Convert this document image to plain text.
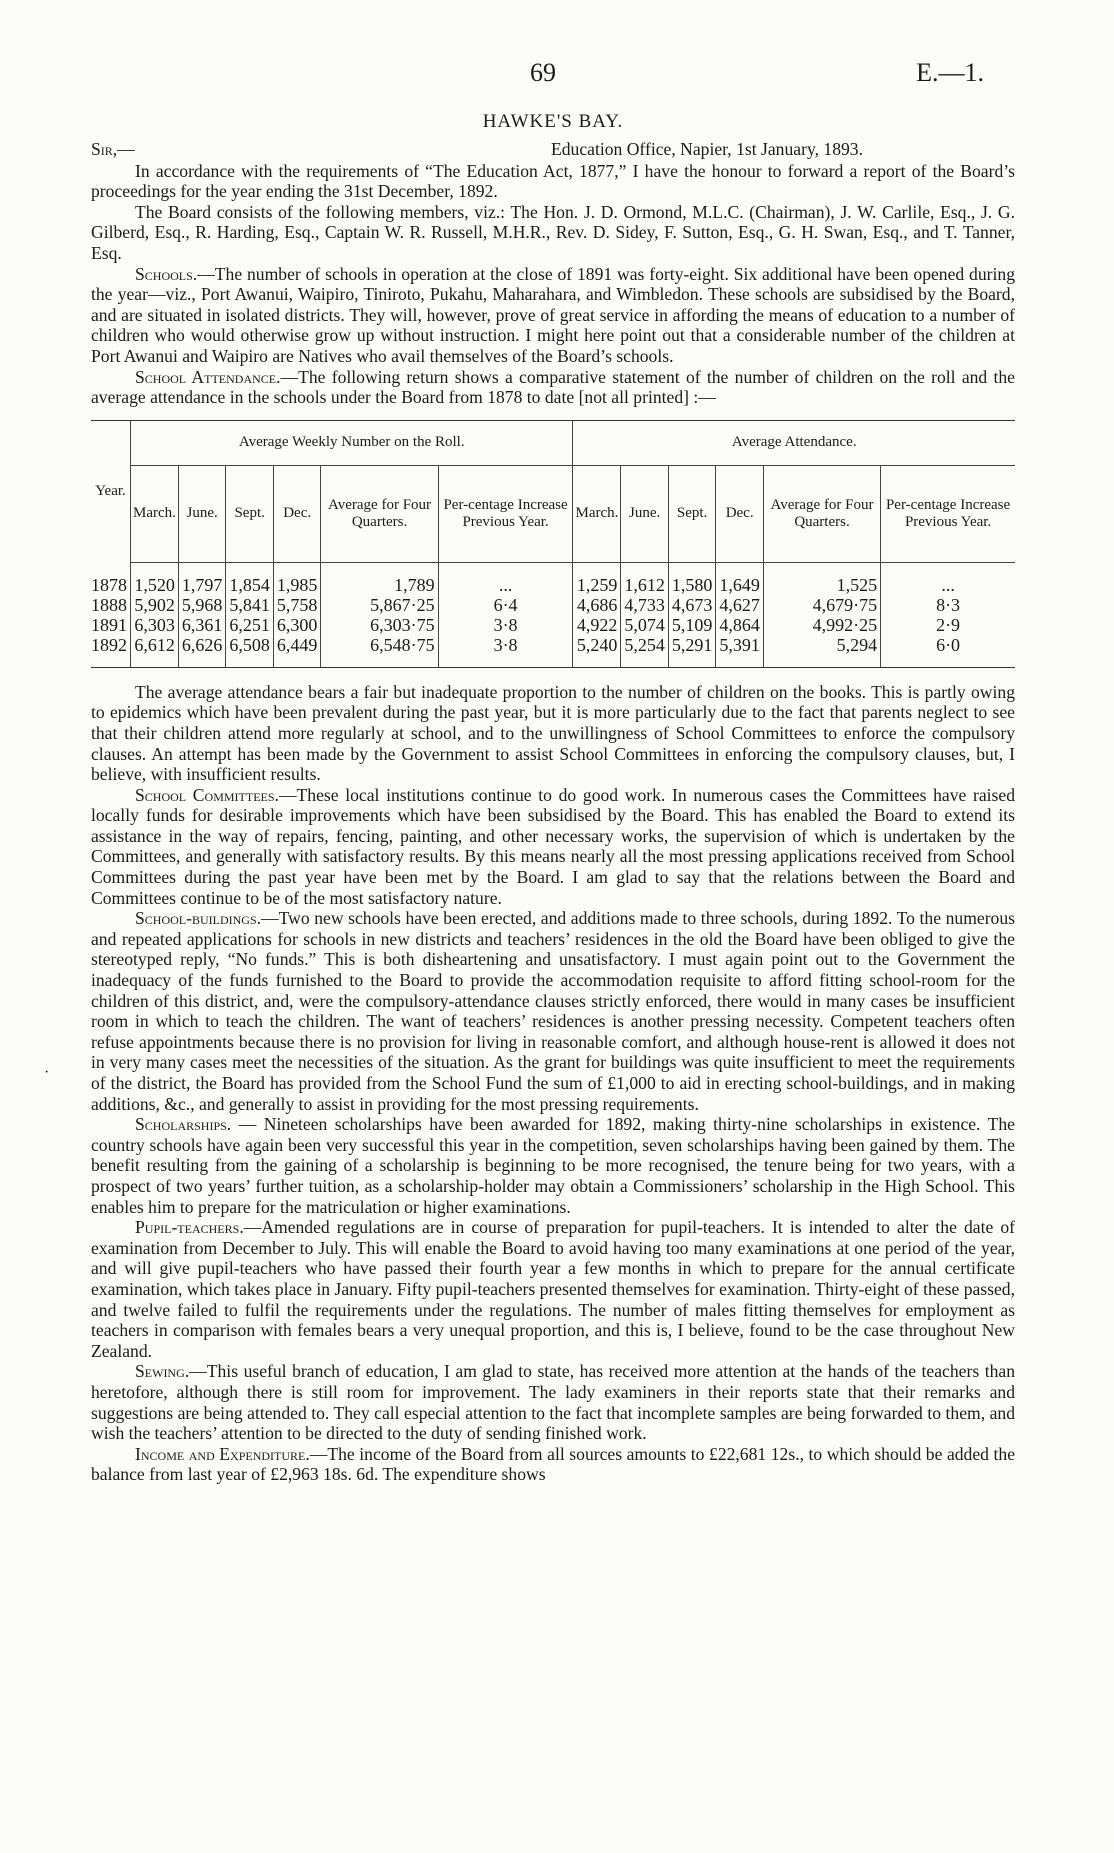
69	E.—1.
·
HAWKE'S BAY.
Sir,—	Education Office, Napier, 1st January, 1893.

In accordance with the requirements of “The Education Act, 1877,” I have the honour to forward a report of the Board’s proceedings for the year ending the 31st December, 1892.

The Board consists of the following members, viz.: The Hon. J. D. Ormond, M.L.C. (Chairman), J. W. Carlile, Esq., J. G. Gilberd, Esq., R. Harding, Esq., Captain W. R. Russell, M.H.R., Rev. D. Sidey, F. Sutton, Esq., G. H. Swan, Esq., and T. Tanner, Esq.

Schools.—The number of schools in operation at the close of 1891 was forty-eight. Six additional have been opened during the year—viz., Port Awanui, Waipiro, Tiniroto, Pukahu, Maharahara, and Wimbledon. These schools are subsidised by the Board, and are situated in isolated districts. They will, however, prove of great service in affording the means of education to a number of children who would otherwise grow up without instruction. I might here point out that a considerable number of the children at Port Awanui and Waipiro are Natives who avail themselves of the Board’s schools.

School Attendance.—The following return shows a comparative statement of the number of children on the roll and the average attendance in the schools under the Board from 1878 to date [not all printed] :—

Year.	Average Weekly Number on the Roll.						Average Attendance.					
	March.	June.	Sept.	Dec.	Average for Four Quarters.	Per-centage Increase Previous Year.	March.	June.	Sept.	Dec.	Average for Four Quarters.	Per-centage Increase Previous Year.

1878	1,520	1,797	1,854	1,985	1,789	...	1,259	1,612	1,580	1,649	1,525	...
1888	5,902	5,968	5,841	5,758	5,867·25	6·4	4,686	4,733	4,673	4,627	4,679·75	8·3
1891	6,303	6,361	6,251	6,300	6,303·75	3·8	4,922	5,074	5,109	4,864	4,992·25	2·9
1892	6,612	6,626	6,508	6,449	6,548·75	3·8	5,240	5,254	5,291	5,391	5,294	6·0

The average attendance bears a fair but inadequate proportion to the number of children on the books. This is partly owing to epidemics which have been prevalent during the past year, but it is more particularly due to the fact that parents neglect to see that their children attend more regularly at school, and to the unwillingness of School Committees to enforce the compulsory clauses. An attempt has been made by the Government to assist School Committees in enforcing the compulsory clauses, but, I believe, with insufficient results.

School Committees.—These local institutions continue to do good work. In numerous cases the Committees have raised locally funds for desirable improvements which have been subsidised by the Board. This has enabled the Board to extend its assistance in the way of repairs, fencing, painting, and other necessary works, the supervision of which is undertaken by the Committees, and generally with satisfactory results. By this means nearly all the most pressing applications received from School Committees during the past year have been met by the Board. I am glad to say that the relations between the Board and Committees continue to be of the most satisfactory nature.

School-buildings.—Two new schools have been erected, and additions made to three schools, during 1892. To the numerous and repeated applications for schools in new districts and teachers’ residences in the old the Board have been obliged to give the stereotyped reply, “No funds.” This is both disheartening and unsatisfactory. I must again point out to the Government the inadequacy of the funds furnished to the Board to provide the accommodation requisite to afford fitting school-room for the children of this district, and, were the compulsory-attendance clauses strictly enforced, there would in many cases be insufficient room in which to teach the children. The want of teachers’ residences is another pressing necessity. Competent teachers often refuse appointments because there is no provision for living in reasonable comfort, and although house-rent is allowed it does not in very many cases meet the necessities of the situation. As the grant for buildings was quite insufficient to meet the requirements of the district, the Board has provided from the School Fund the sum of £1,000 to aid in erecting school-buildings, and in making additions, &c., and generally to assist in providing for the most pressing requirements.

Scholarships. — Nineteen scholarships have been awarded for 1892, making thirty-nine scholarships in existence. The country schools have again been very successful this year in the competition, seven scholarships having been gained by them. The benefit resulting from the gaining of a scholarship is beginning to be more recognised, the tenure being for two years, with a prospect of two years’ further tuition, as a scholarship-holder may obtain a Commissioners’ scholarship in the High School. This enables him to prepare for the matriculation or higher examinations.

Pupil-teachers.—Amended regulations are in course of preparation for pupil-teachers. It is intended to alter the date of examination from December to July. This will enable the Board to avoid having too many examinations at one period of the year, and will give pupil-teachers who have passed their fourth year a few months in which to prepare for the annual certificate examination, which takes place in January. Fifty pupil-teachers presented themselves for examination. Thirty-eight of these passed, and twelve failed to fulfil the requirements under the regulations. The number of males fitting themselves for employment as teachers in comparison with females bears a very unequal proportion, and this is, I believe, found to be the case throughout New Zealand.

Sewing.—This useful branch of education, I am glad to state, has received more attention at the hands of the teachers than heretofore, although there is still room for improvement. The lady examiners in their reports state that their remarks and suggestions are being attended to. They call especial attention to the fact that incomplete samples are being forwarded to them, and wish the teachers’ attention to be directed to the duty of sending finished work.

Income and Expenditure.—The income of the Board from all sources amounts to £22,681 12s., to which should be added the balance from last year of £2,963 18s. 6d. The expenditure shows
